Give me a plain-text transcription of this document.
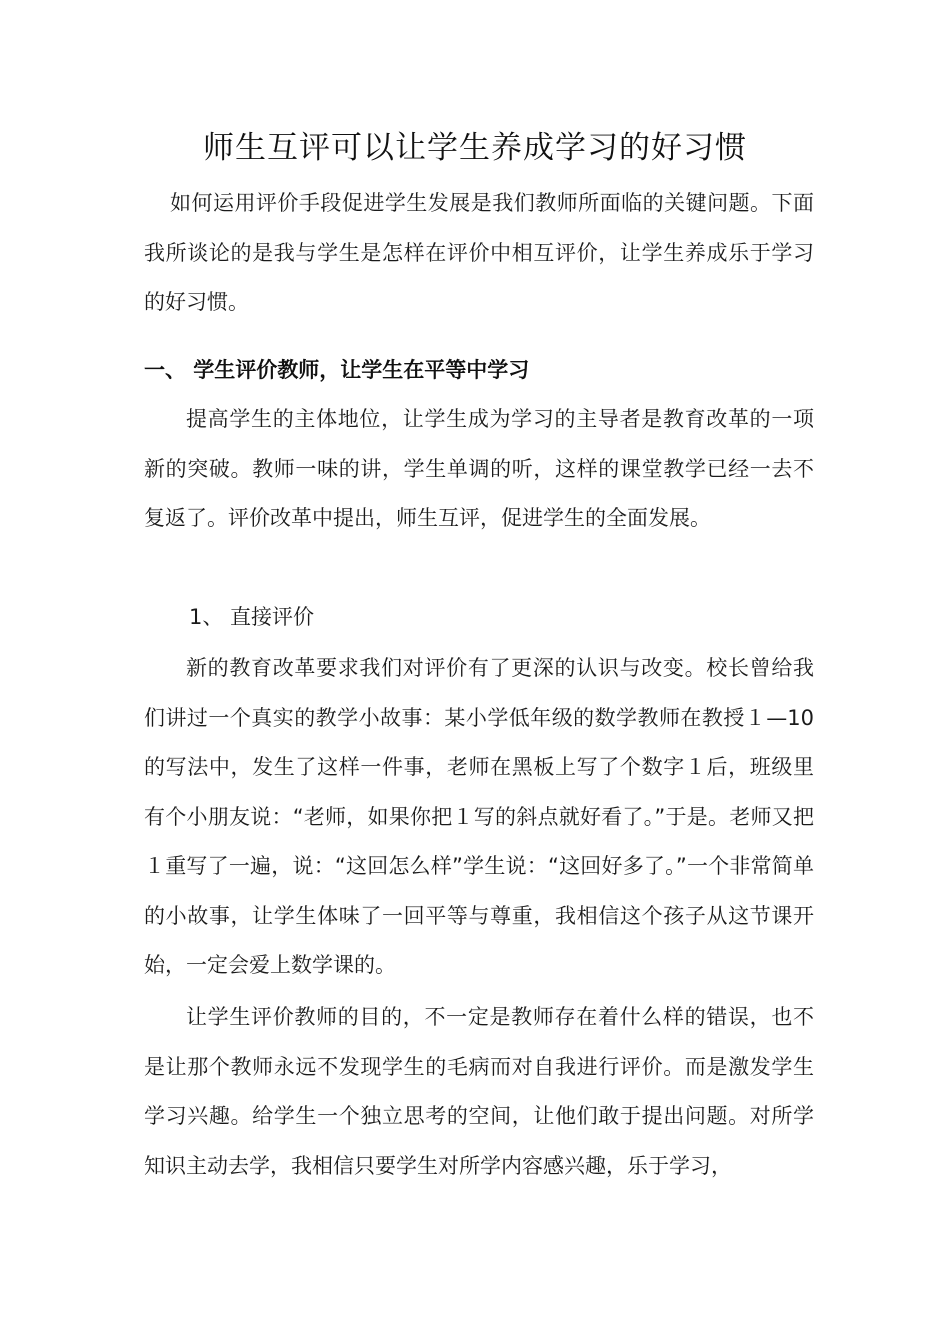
师生互评可以让学生养成学习的好习惯

如何运用评价手段促进学生发展是我们教师所面临的关键问题。下面我所谈论的是我与学生是怎样在评价中相互评价，让学生养成乐于学习的好习惯。

一、 学生评价教师，让学生在平等中学习

提高学生的主体地位，让学生成为学习的主导者是教育改革的一项新的突破。教师一味的讲，学生单调的听，这样的课堂教学已经一去不复返了。评价改革中提出，师生互评，促进学生的全面发展。

1、 直接评价

新的教育改革要求我们对评价有了更深的认识与改变。校长曾给我们讲过一个真实的教学小故事：某小学低年级的数学教师在教授１—10的写法中，发生了这样一件事，老师在黑板上写了个数字１后，班级里有个小朋友说：“老师，如果你把１写的斜点就好看了。”于是。老师又把１重写了一遍，说：“这回怎么样”学生说：“这回好多了。”一个非常简单的小故事，让学生体味了一回平等与尊重，我相信这个孩子从这节课开始，一定会爱上数学课的。

让学生评价教师的目的，不一定是教师存在着什么样的错误，也不是让那个教师永远不发现学生的毛病而对自我进行评价。而是激发学生学习兴趣。给学生一个独立思考的空间，让他们敢于提出问题。对所学知识主动去学，我相信只要学生对所学内容感兴趣，乐于学习，
